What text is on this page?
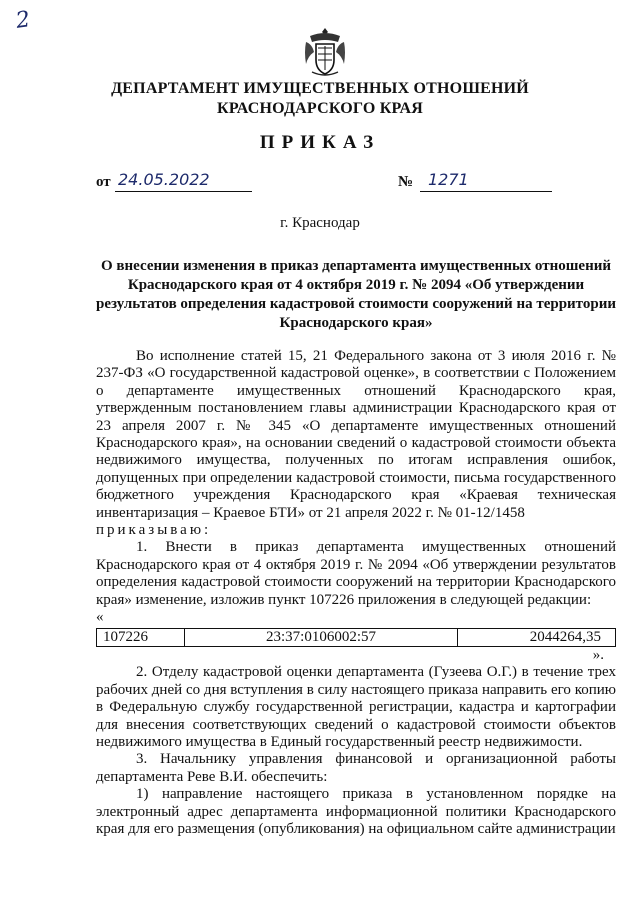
2
ДЕПАРТАМЕНТ ИМУЩЕСТВЕННЫХ ОТНОШЕНИЙ
КРАСНОДАРСКОГО КРАЯ
ПРИКАЗ
от 24.05.2022	№ 1271
г. Краснодар
О внесении изменения в приказ департамента имущественных отношений Краснодарского края от 4 октября 2019 г. № 2094 «Об утверждении результатов определения кадастровой стоимости сооружений на территории Краснодарского края»

Во исполнение статей 15, 21 Федерального закона от 3 июля 2016 г. № 237-ФЗ «О государственной кадастровой оценке», в соответствии с Положением о департаменте имущественных отношений Краснодарского края, утвержденным постановлением главы администрации Краснодарского края от 23 апреля 2007 г. № 345 «О департаменте имущественных отношений Краснодарского края», на основании сведений о кадастровой стоимости объекта недвижимого имущества, полученных по итогам исправления ошибок, допущенных при определении кадастровой стоимости, письма государственного бюджетного учреждения Краснодарского края «Краевая техническая инвентаризация – Краевое БТИ» от 21 апреля 2022 г. № 01-12/1458

приказываю:

1. Внести в приказ департамента имущественных отношений Краснодарского края от 4 октября 2019 г. № 2094 «Об утверждении результатов определения кадастровой стоимости сооружений на территории Краснодарского края» изменение, изложив пункт 107226 приложения в следующей редакции:

«

107226	23:37:0106002:57	2044264,35

».

2. Отделу кадастровой оценки департамента (Гузеева О.Г.) в течение трех рабочих дней со дня вступления в силу настоящего приказа направить его копию в Федеральную службу государственной регистрации, кадастра и картографии для внесения соответствующих сведений о кадастровой стоимости объектов недвижимого имущества в Единый государственный реестр недвижимости.

3. Начальнику управления финансовой и организационной работы департамента Реве В.И. обеспечить:

1) направление настоящего приказа в установленном порядке на электронный адрес департамента информационной политики Краснодарского края для его размещения (опубликования) на официальном сайте администрации
